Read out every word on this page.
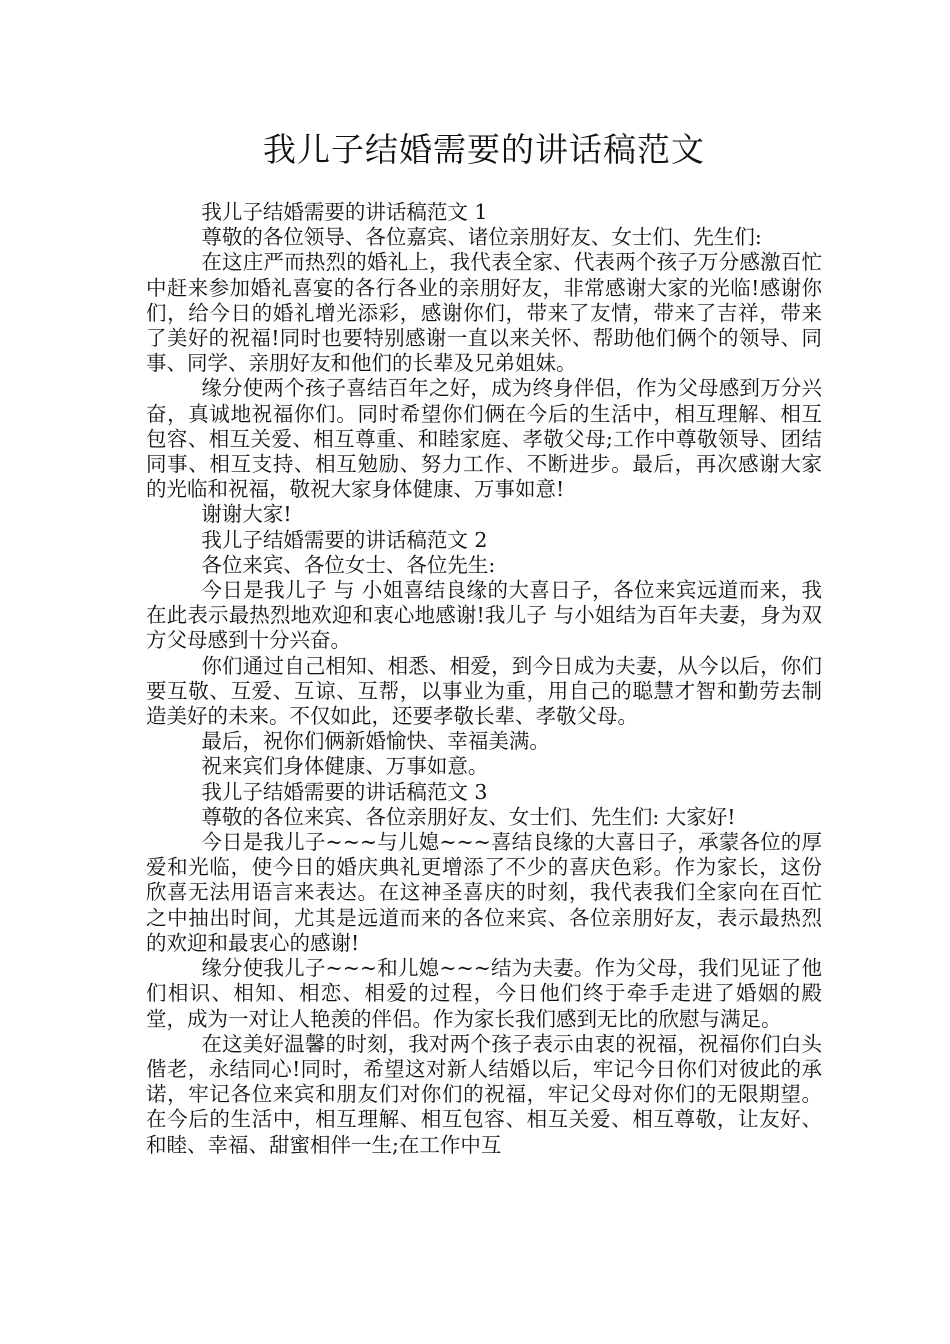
我儿子结婚需要的讲话稿范文

我儿子结婚需要的讲话稿范文 1

尊敬的各位领导、各位嘉宾、诸位亲朋好友、女士们、先生们:

在这庄严而热烈的婚礼上，我代表全家、代表两个孩子万分感激百忙中赶来参加婚礼喜宴的各行各业的亲朋好友，非常感谢大家的光临!感谢你们，给今日的婚礼增光添彩，感谢你们，带来了友情，带来了吉祥，带来了美好的祝福!同时也要特别感谢一直以来关怀、帮助他们俩个的领导、同事、同学、亲朋好友和他们的长辈及兄弟姐妹。

缘分使两个孩子喜结百年之好，成为终身伴侣，作为父母感到万分兴奋，真诚地祝福你们。同时希望你们俩在今后的生活中，相互理解、相互包容、相互关爱、相互尊重、和睦家庭、孝敬父母;工作中尊敬领导、团结同事、相互支持、相互勉励、努力工作、不断进步。最后，再次感谢大家的光临和祝福，敬祝大家身体健康、万事如意!

谢谢大家!

我儿子结婚需要的讲话稿范文 2

各位来宾、各位女士、各位先生:

今日是我儿子 与 小姐喜结良缘的大喜日子，各位来宾远道而来，我在此表示最热烈地欢迎和衷心地感谢!我儿子 与小姐结为百年夫妻，身为双方父母感到十分兴奋。

你们通过自己相知、相悉、相爱，到今日成为夫妻，从今以后，你们要互敬、互爱、互谅、互帮，以事业为重，用自己的聪慧才智和勤劳去制造美好的未来。不仅如此，还要孝敬长辈、孝敬父母。

最后，祝你们俩新婚愉快、幸福美满。

祝来宾们身体健康、万事如意。

我儿子结婚需要的讲话稿范文 3

尊敬的各位来宾、各位亲朋好友、女士们、先生们: 大家好!

今日是我儿子~~~与儿媳~~~喜结良缘的大喜日子，承蒙各位的厚爱和光临，使今日的婚庆典礼更增添了不少的喜庆色彩。作为家长，这份欣喜无法用语言来表达。在这神圣喜庆的时刻，我代表我们全家向在百忙之中抽出时间，尤其是远道而来的各位来宾、各位亲朋好友，表示最热烈的欢迎和最衷心的感谢!

缘分使我儿子~~~和儿媳~~~结为夫妻。作为父母，我们见证了他们相识、相知、相恋、相爱的过程，今日他们终于牵手走进了婚姻的殿堂，成为一对让人艳羡的伴侣。作为家长我们感到无比的欣慰与满足。

在这美好温馨的时刻，我对两个孩子表示由衷的祝福，祝福你们白头偕老，永结同心!同时，希望这对新人结婚以后，牢记今日你们对彼此的承诺，牢记各位来宾和朋友们对你们的祝福，牢记父母对你们的无限期望。在今后的生活中，相互理解、相互包容、相互关爱、相互尊敬，让友好、和睦、幸福、甜蜜相伴一生;在工作中互
